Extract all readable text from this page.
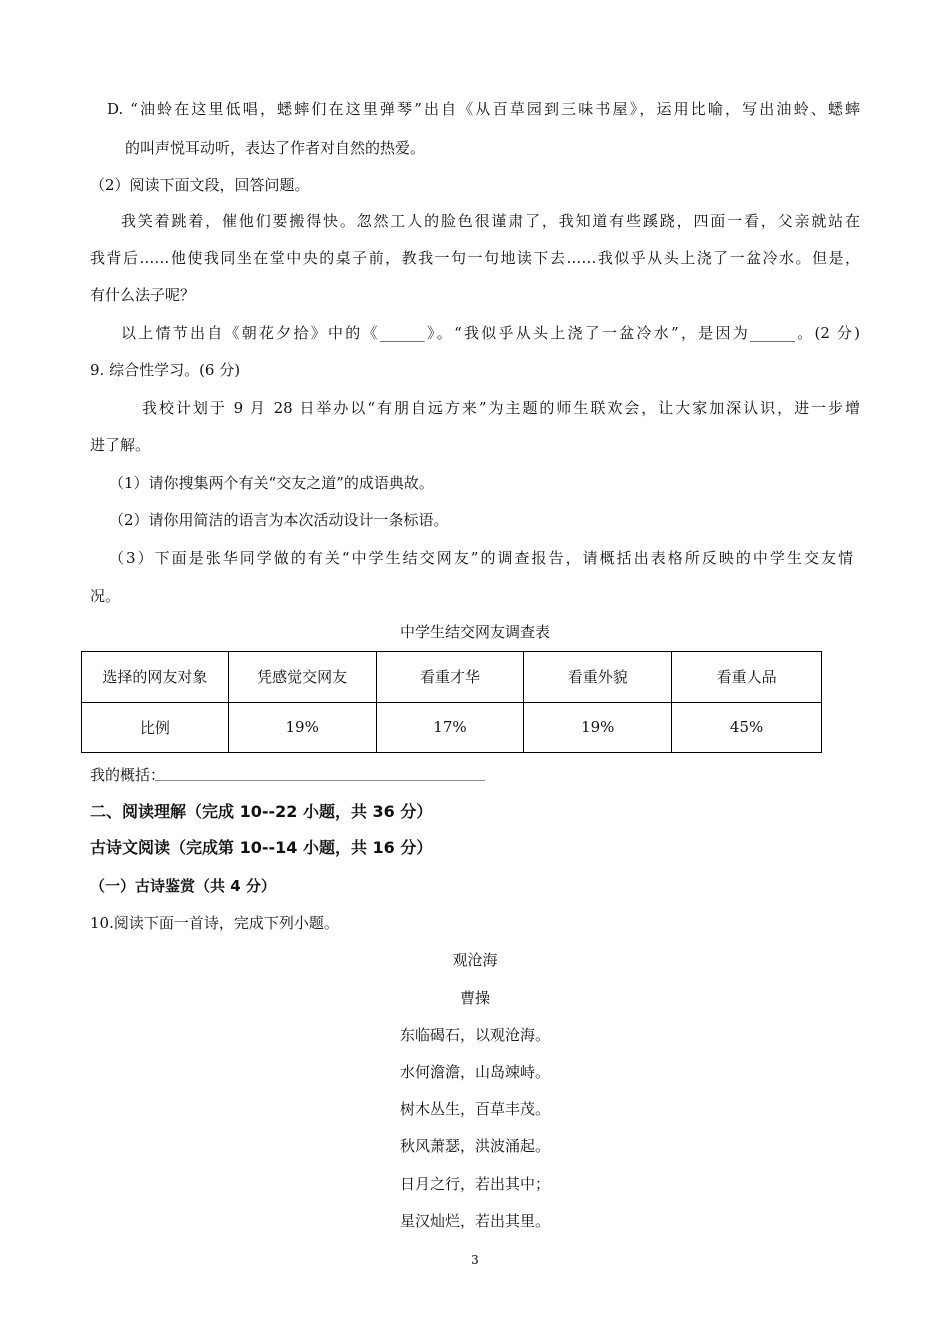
D. “油蛉在这里低唱，蟋蟀们在这里弹琴”出自《从百草园到三味书屋》，运用比喻，写出油蛉、蟋蟀
的叫声悦耳动听，表达了作者对自然的热爱。
（2）阅读下面文段，回答问题。
我笑着跳着，催他们要搬得快。忽然工人的脸色很谨肃了，我知道有些蹊跷，四面一看，父亲就站在
我背后……他使我同坐在堂中央的桌子前，教我一句一句地读下去……我似乎从头上浇了一盆冷水。但是，
有什么法子呢？
以上情节出自《朝花夕拾》中的《______》。“我似乎从头上浇了一盆冷水”，是因为______。(2 分)
9. 综合性学习。(6 分)
我校计划于 9 月 28 日举办以“有朋自远方来”为主题的师生联欢会，让大家加深认识，进一步增
进了解。
（1）请你搜集两个有关“交友之道”的成语典故。
（2）请你用简洁的语言为本次活动设计一条标语。
（3）下面是张华同学做的有关“中学生结交网友”的调查报告，请概括出表格所反映的中学生交友情
况。
中学生结交网友调查表
选择的网友对象	凭感觉交网友	看重才华	看重外貌	看重人品
比例	19%	17%	19%	45%
我的概括：
二、阅读理解（完成 10--22 小题，共 36 分）
古诗文阅读（完成第 10--14 小题，共 16 分）
（一）古诗鉴赏（共 4 分）
10.阅读下面一首诗，完成下列小题。
观沧海
曹操
东临碣石，以观沧海。
水何澹澹，山岛竦峙。
树木丛生，百草丰茂。
秋风萧瑟，洪波涌起。
日月之行，若出其中；
星汉灿烂，若出其里。
3
